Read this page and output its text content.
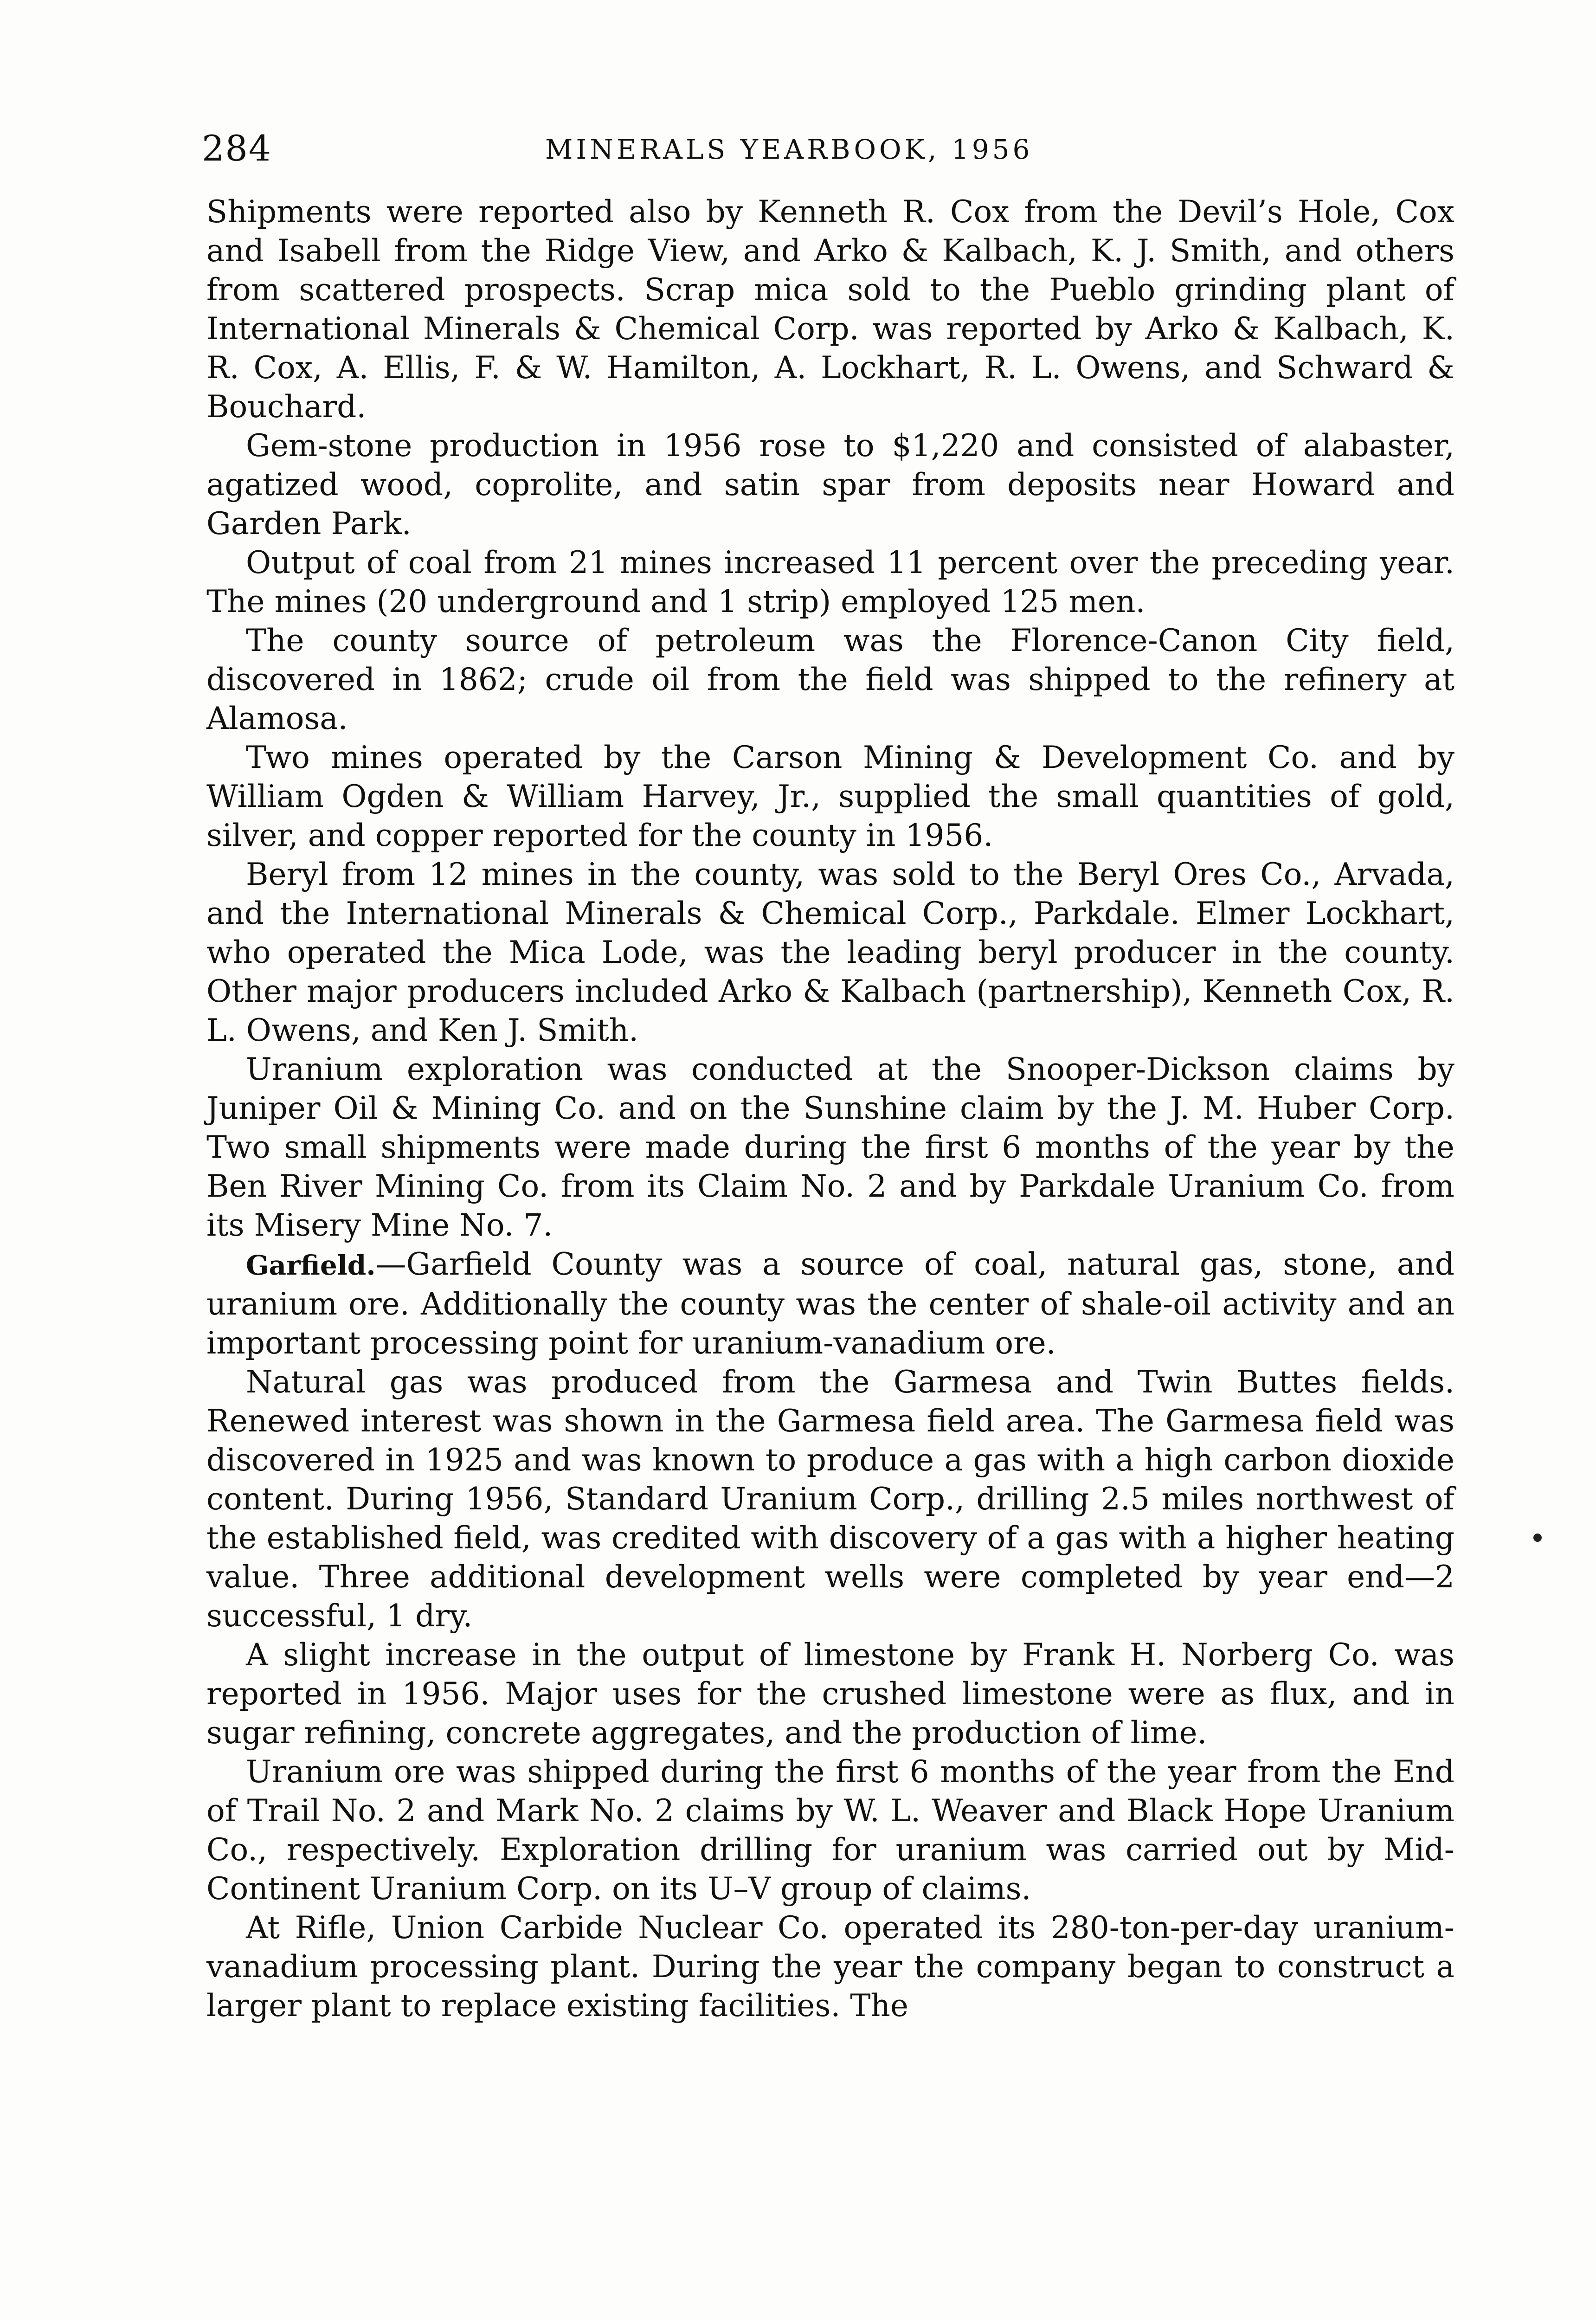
284	MINERALS YEARBOOK, 1956

Shipments were reported also by Kenneth R. Cox from the Devil’s Hole, Cox and Isabell from the Ridge View, and Arko & Kalbach, K. J. Smith, and others from scattered prospects. Scrap mica sold to the Pueblo grinding plant of International Minerals & Chemical Corp. was reported by Arko & Kalbach, K. R. Cox, A. Ellis, F. & W. Hamilton, A. Lockhart, R. L. Owens, and Schward & Bouchard.

Gem-stone production in 1956 rose to $1,220 and consisted of alabaster, agatized wood, coprolite, and satin spar from deposits near Howard and Garden Park.

Output of coal from 21 mines increased 11 percent over the preceding year. The mines (20 underground and 1 strip) employed 125 men.

The county source of petroleum was the Florence-Canon City field, discovered in 1862; crude oil from the field was shipped to the refinery at Alamosa.

Two mines operated by the Carson Mining & Development Co. and by William Ogden & William Harvey, Jr., supplied the small quantities of gold, silver, and copper reported for the county in 1956.

Beryl from 12 mines in the county, was sold to the Beryl Ores Co., Arvada, and the International Minerals & Chemical Corp., Parkdale. Elmer Lockhart, who operated the Mica Lode, was the leading beryl producer in the county. Other major producers included Arko & Kalbach (partnership), Kenneth Cox, R. L. Owens, and Ken J. Smith.

Uranium exploration was conducted at the Snooper-Dickson claims by Juniper Oil & Mining Co. and on the Sunshine claim by the J. M. Huber Corp. Two small shipments were made during the first 6 months of the year by the Ben River Mining Co. from its Claim No. 2 and by Parkdale Uranium Co. from its Misery Mine No. 7.

Garfield.—Garfield County was a source of coal, natural gas, stone, and uranium ore. Additionally the county was the center of shale-oil activity and an important processing point for uranium-vanadium ore.

Natural gas was produced from the Garmesa and Twin Buttes fields. Renewed interest was shown in the Garmesa field area. The Garmesa field was discovered in 1925 and was known to produce a gas with a high carbon dioxide content. During 1956, Standard Uranium Corp., drilling 2.5 miles northwest of the established field, was credited with discovery of a gas with a higher heating value. Three additional development wells were completed by year end—2 successful, 1 dry.

A slight increase in the output of limestone by Frank H. Norberg Co. was reported in 1956. Major uses for the crushed limestone were as flux, and in sugar refining, concrete aggregates, and the production of lime.

Uranium ore was shipped during the first 6 months of the year from the End of Trail No. 2 and Mark No. 2 claims by W. L. Weaver and Black Hope Uranium Co., respectively. Exploration drilling for uranium was carried out by Mid-Continent Uranium Corp. on its U–V group of claims.

At Rifle, Union Carbide Nuclear Co. operated its 280-ton-per-day uranium-vanadium processing plant. During the year the company began to construct a larger plant to replace existing facilities. The
